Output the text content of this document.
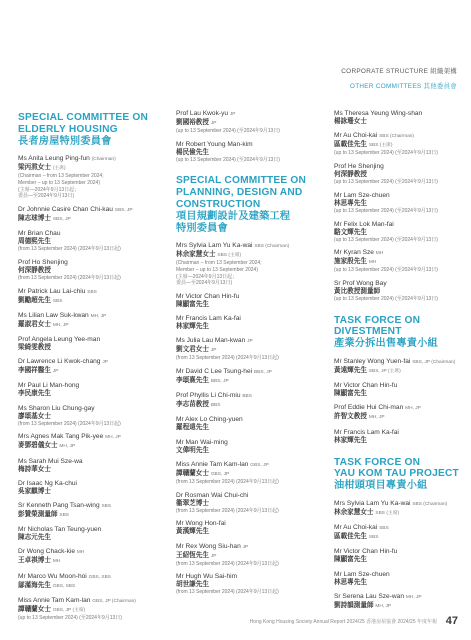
CORPORATE STRUCTURE 組織架構
OTHER COMMITTEES 其他委員會
SPECIAL COMMITTEE ON
ELDERLY HOUSING
長者房屋特別委員會
Ms Anita Leung Ping-fun (Chairman)
梁丙焄女士 (主席)
(Chairman – from 13 September 2024;
Member – up to 13 September 2024)
(主席—2024年9月13日起；
委員—至2024年9月13日)
Dr Johnnie Casire Chan Chi-kau SBS, JP
陳志球博士 SBS, JP
Mr Brian Chau
周德熙先生
(from 13 September 2024) (2024年9月13日起)
Prof Ho Shenjing
何深靜教授
(from 13 September 2024) (2024年9月13日起)
Mr Patrick Lau Lai-chiu SBS
劉勵超先生 SBS
Ms Lilian Law Suk-kwan MH, JP
羅淑君女士 MH, JP
Prof Angela Leung Yee-man
梁綺雯教授
Dr Lawrence Li Kwok-chang JP
李國祥醫生 JP
Mr Paul Li Man-hong
李民康先生
Ms Sharon Liu Chung-gay
廖頌基女士
(from 13 September 2024) (2024年9月13日起)
Mrs Agnes Mak Tang Pik-yee MH, JP
麥鄧碧儀女士 MH, JP
Ms Sarah Mui Sze-wa
梅詩華女士
Dr Isaac Ng Ka-chui
吳家麒博士
Sr Kenneth Pang Tsan-wing SBS
彭贊榮測量師 SBS
Mr Nicholas Tan Teung-yuen
陳志元先生
Dr Wong Chack-kie MH
王卓祺博士 MH
Mr Marco Wu Moon-hoi GBS, SBS
鄔滿海先生 GBS, SBS
Miss Annie Tam Kam-lan GBS, JP (Chairman)
譚贛蘭女士 GBS, JP (主席)
(up to 13 September 2024) (至2024年9月13日)
Prof Lau Kwok-yu JP
劉國裕教授 JP
(up to 13 September 2024) (至2024年9月13日)
Mr Robert Young Man-kim
楊民儉先生
(up to 13 September 2024) (至2024年9月13日)
SPECIAL COMMITTEE ON
PLANNING, DESIGN AND
CONSTRUCTION
項目規劃設計及建築工程
特別委員會
Mrs Sylvia Lam Yu Ka-wai SBS (Chairman)
林余家慧女士 SBS (主席)
(Chairman – from 13 September 2024;
Member – up to 13 September 2024)
(主席—2024年9月13日起；
委員—至2024年9月13日)
Mr Victor Chan Hin-fu
陳顯富先生
Mr Francis Lam Ka-fai
林家輝先生
Ms Julia Lau Man-kwan JP
劉文君女士 JP
(from 13 September 2024) (2024年9月13日起)
Mr David C Lee Tsung-hei BBS, JP
李頌熹先生 BBS, JP
Prof Phyllis Li Chi-miu BBS
李志苗教授 BBS
Mr Alex Lo Ching-yuen
羅程遠先生
Mr Man Wai-ming
文偉明先生
Miss Annie Tam Kam-lan GBS, JP
譚贛蘭女士 GBS, JP
(from 13 September 2024) (2024年9月13日起)
Dr Rosman Wai Chui-chi
衞翠芝博士
(from 13 September 2024) (2024年9月13日起)
Mr Wong Hon-fai
黃漢輝先生
Mr Rex Wong Siu-han JP
王紹恆先生 JP
(from 13 September 2024) (2024年9月13日起)
Mr Hugh Wu Sai-him
胡世謙先生
(from 13 September 2024) (2024年9月13日起)
Ms Theresa Yeung Wing-shan
楊詠珊女士
Mr Au Choi-kai SBS (Chairman)
區載佳先生 SBS (主席)
(up to 13 September 2024) (至2024年9月13日)
Prof He Shenjing
何深靜教授
(up to 13 September 2024) (至2024年9月13日)
Mr Lam Sze-chuen
林思專先生
(up to 13 September 2024) (至2024年9月13日)
Mr Felix Lok Man-fai
駱文輝先生
(up to 13 September 2024) (至2024年9月13日)
Mr Kyran Sze MH
施家殷先生 MH
(up to 13 September 2024) (至2024年9月13日)
Sr Prof Wong Bay
黃比教授測量師
(up to 13 September 2024) (至2024年9月13日)
TASK FORCE ON
DIVESTMENT
產業分拆出售專責小組
Mr Stanley Wong Yuen-fai SBS, JP (Chairman)
黃遠輝先生 SBS, JP (主席)
Mr Victor Chan Hin-fu
陳顯富先生
Prof Eddie Hui Chi-man MH, JP
許智文教授 MH, JP
Mr Francis Lam Ka-fai
林家輝先生
TASK FORCE ON
YAU KOM TAU PROJECT
油柑頭項目專責小組
Mrs Sylvia Lam Yu Ka-wai SBS (Chairman)
林余家慧女士 SBS (主席)
Mr Au Choi-kai SBS
區載佳先生 SBS
Mr Victor Chan Hin-fu
陳顯富先生
Mr Lam Sze-chuen
林思專先生
Sr Serena Lau Sze-wan MH, JP
劉詩韻測量師 MH, JP
Hong Kong Housing Society Annual Report 2024/25 香港房屋協會 2024/25 年度年報 47
